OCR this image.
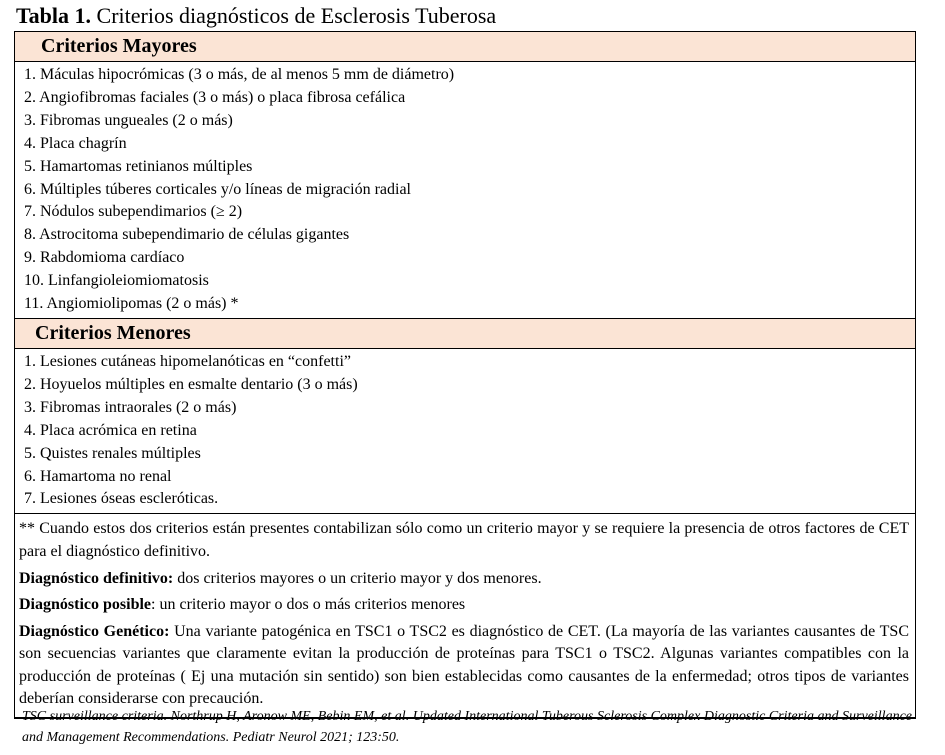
Tabla 1. Criterios diagnósticos de Esclerosis Tuberosa
Criterios Mayores
1. Máculas hipocrómicas (3 o más, de al menos 5 mm de diámetro)
2. Angiofibromas faciales (3 o más) o placa fibrosa cefálica
3. Fibromas ungueales (2 o más)
4. Placa chagrín
5. Hamartomas retinianos múltiples
6. Múltiples túberes corticales y/o líneas de migración radial
7. Nódulos subependimarios (≥ 2)
8. Astrocitoma subependimario de células gigantes
9. Rabdomioma cardíaco
10. Linfangioleiomiomatosis
11. Angiomiolipomas (2 o más) *
Criterios Menores
1. Lesiones cutáneas hipomelanóticas en “confetti”
2. Hoyuelos múltiples en esmalte dentario (3 o más)
3. Fibromas intraorales (2 o más)
4. Placa acrómica en retina
5. Quistes renales múltiples
6. Hamartoma no renal
7. Lesiones óseas escleróticas.

** Cuando estos dos criterios están presentes contabilizan sólo como un criterio mayor y se requiere la presencia de otros factores de CET para el diagnóstico definitivo.

Diagnóstico definitivo: dos criterios mayores o un criterio mayor y dos menores.

Diagnóstico posible: un criterio mayor o dos o más criterios menores

Diagnóstico Genético: Una variante patogénica en TSC1 o TSC2 es diagnóstico de CET. (La mayoría de las variantes causantes de TSC son secuencias variantes que claramente evitan la producción de proteínas para TSC1 o TSC2. Algunas variantes compatibles con la producción de proteínas ( Ej una mutación sin sentido) son bien establecidas como causantes de la enfermedad; otros tipos de variantes deberían considerarse con precaución.

TSC surveillance criteria. Northrup H, Aronow ME, Bebin EM, et al. Updated International Tuberous Sclerosis Complex Diagnostic Criteria and Surveillance and Management Recommendations. Pediatr Neurol 2021; 123:50.
